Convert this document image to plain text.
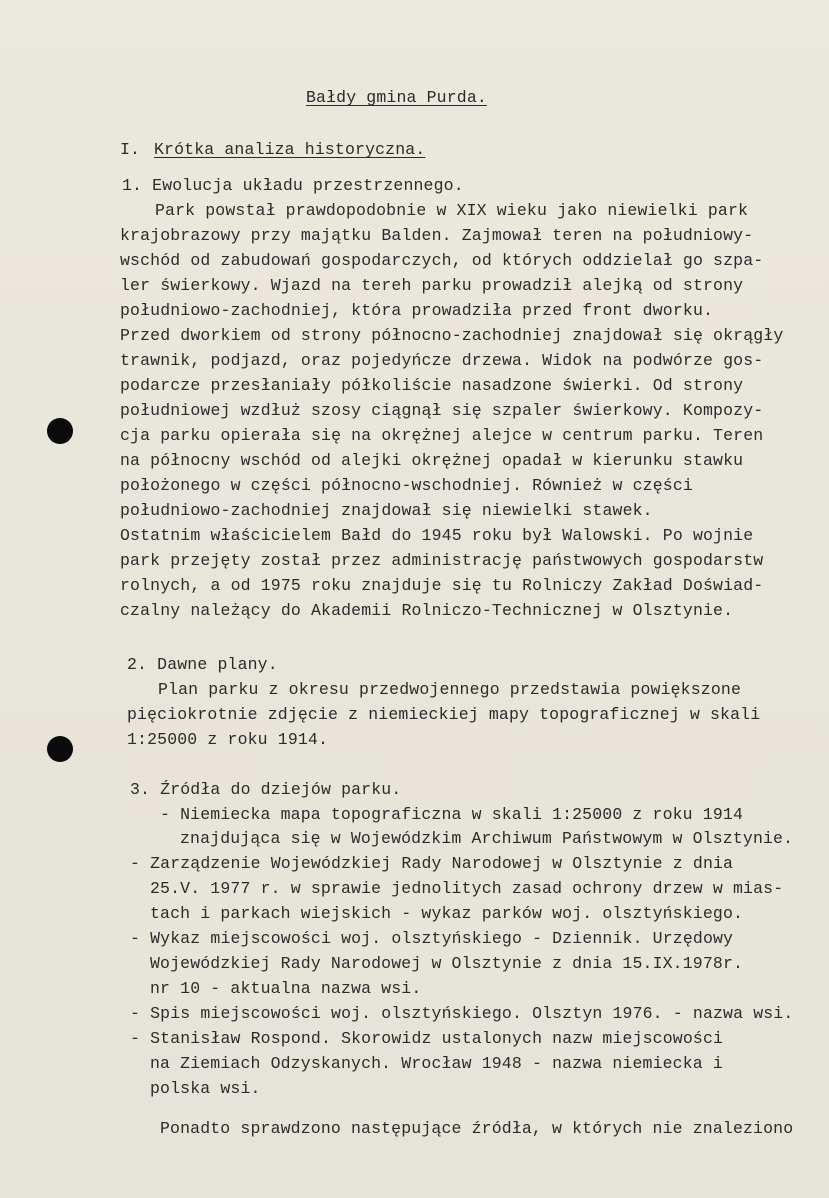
Bałdy gmina Purda.
I. Krótka analiza historyczna.
1. Ewolucja układu przestrzennego.
Park powstał prawdopodobnie w XIX wieku jako niewielki park
krajobrazowy przy majątku Balden. Zajmował teren na południowy-
wschód od zabudowań gospodarczych, od których oddzielał go szpa-
ler świerkowy. Wjazd na tereh parku prowadził alejką od strony
południowo-zachodniej, która prowadziła przed front dworku.
Przed dworkiem od strony północno-zachodniej znajdował się okrągły
trawnik, podjazd, oraz pojedyńcze drzewa. Widok na podwórze gos-
podarcze przesłaniały półkoliście nasadzone świerki. Od strony
południowej wzdłuż szosy ciągnął się szpaler świerkowy. Kompozy-
cja parku opierała się na okrężnej alejce w centrum parku. Teren
na północny wschód od alejki okrężnej opadał w kierunku stawku
położonego w części północno-wschodniej. Również w części
południowo-zachodniej znajdował się niewielki stawek.
Ostatnim właścicielem Bałd do 1945 roku był Walowski. Po wojnie
park przejęty został przez administrację państwowych gospodarstw
rolnych, a od 1975 roku znajduje się tu Rolniczy Zakład Doświad-
czalny należący do Akademii Rolniczo-Technicznej w Olsztynie.
2. Dawne plany.
Plan parku z okresu przedwojennego przedstawia powiększone
pięciokrotnie zdjęcie z niemieckiej mapy topograficznej w skali
1:25000 z roku 1914.
3. Źródła do dziejów parku.
- Niemiecka mapa topograficzna w skali 1:25000 z roku 1914
znajdująca się w Wojewódzkim Archiwum Państwowym w Olsztynie.
- Zarządzenie Wojewódzkiej Rady Narodowej w Olsztynie z dnia
25.V. 1977 r. w sprawie jednolitych zasad ochrony drzew w mias-
tach i parkach wiejskich - wykaz parków woj. olsztyńskiego.
- Wykaz miejscowości woj. olsztyńskiego - Dziennik. Urzędowy
Wojewódzkiej Rady Narodowej w Olsztynie z dnia 15.IX.1978r.
nr 10 - aktualna nazwa wsi.
- Spis miejscowości woj. olsztyńskiego. Olsztyn 1976. - nazwa wsi.
- Stanisław Rospond. Skorowidz ustalonych nazw miejscowości
na Ziemiach Odzyskanych. Wrocław 1948 - nazwa niemiecka i
polska wsi.
Ponadto sprawdzono następujące źródła, w których nie znaleziono
